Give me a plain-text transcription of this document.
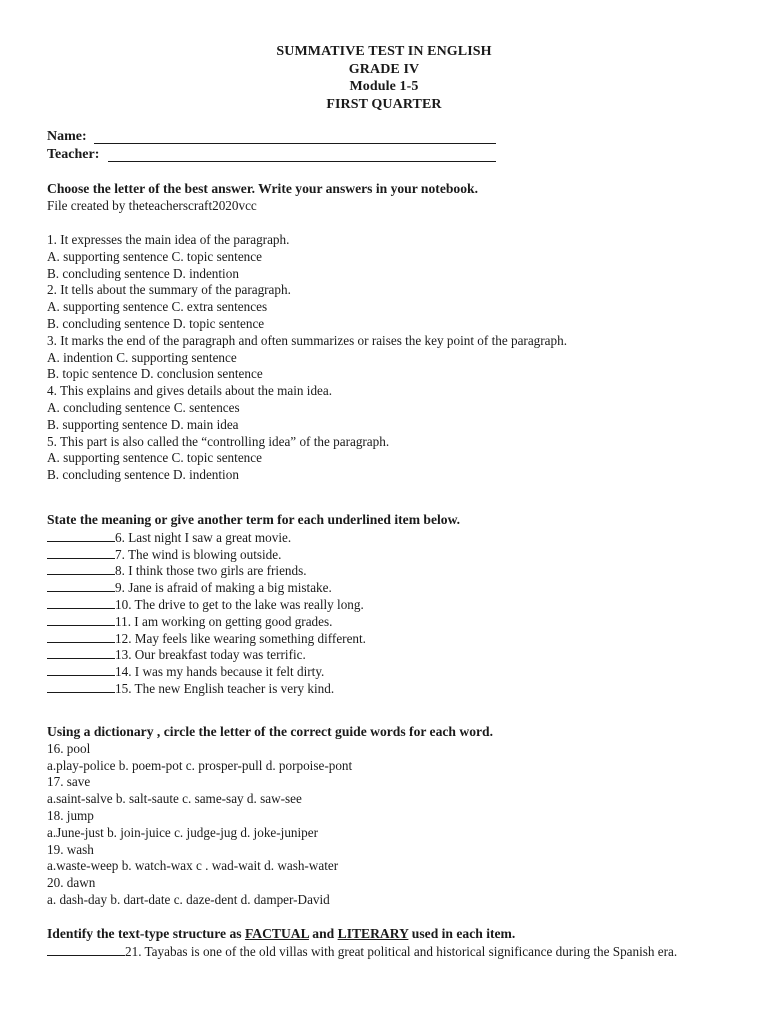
SUMMATIVE TEST IN ENGLISH
GRADE IV
Module 1-5
FIRST QUARTER
Name:
Teacher:
Choose the letter of the best answer. Write your answers in your notebook.
File created by theteacherscraft2020vcc
1. It expresses the main idea of the paragraph.
A. supporting sentence C. topic sentence
B. concluding sentence D. indention
2. It tells about the summary of the paragraph.
A. supporting sentence C. extra sentences
B. concluding sentence D. topic sentence
3. It marks the end of the paragraph and often summarizes or raises the key point of the paragraph.
A. indention C. supporting sentence
B. topic sentence D. conclusion sentence
4. This explains and gives details about the main idea.
A. concluding sentence C. sentences
B. supporting sentence D. main idea
5. This part is also called the “controlling idea” of the paragraph.
A. supporting sentence C. topic sentence
B. concluding sentence D. indention
State the meaning or give another term for each underlined item below.
6. Last night I saw a great movie.
7. The wind is blowing outside.
8. I think those two girls are friends.
9. Jane is afraid of making a big mistake.
10. The drive to get to the lake was really long.
11. I am working on getting good grades.
12. May feels like wearing something different.
13. Our breakfast today was terrific.
14. I was my hands because it felt dirty.
15. The new English teacher is very kind.
Using a dictionary , circle the letter of the correct guide words for each word.
16. pool
a.play-police b. poem-pot c. prosper-pull d. porpoise-pont
17. save
a.saint-salve b. salt-saute c. same-say d. saw-see
18. jump
a.June-just b. join-juice c. judge-jug d. joke-juniper
19. wash
a.waste-weep b. watch-wax c . wad-wait d. wash-water
20. dawn
a. dash-day b. dart-date c. daze-dent d. damper-David
Identify the text-type structure as FACTUAL and LITERARY used in each item.
21. Tayabas is one of the old villas with great political and historical significance during the Spanish era.
